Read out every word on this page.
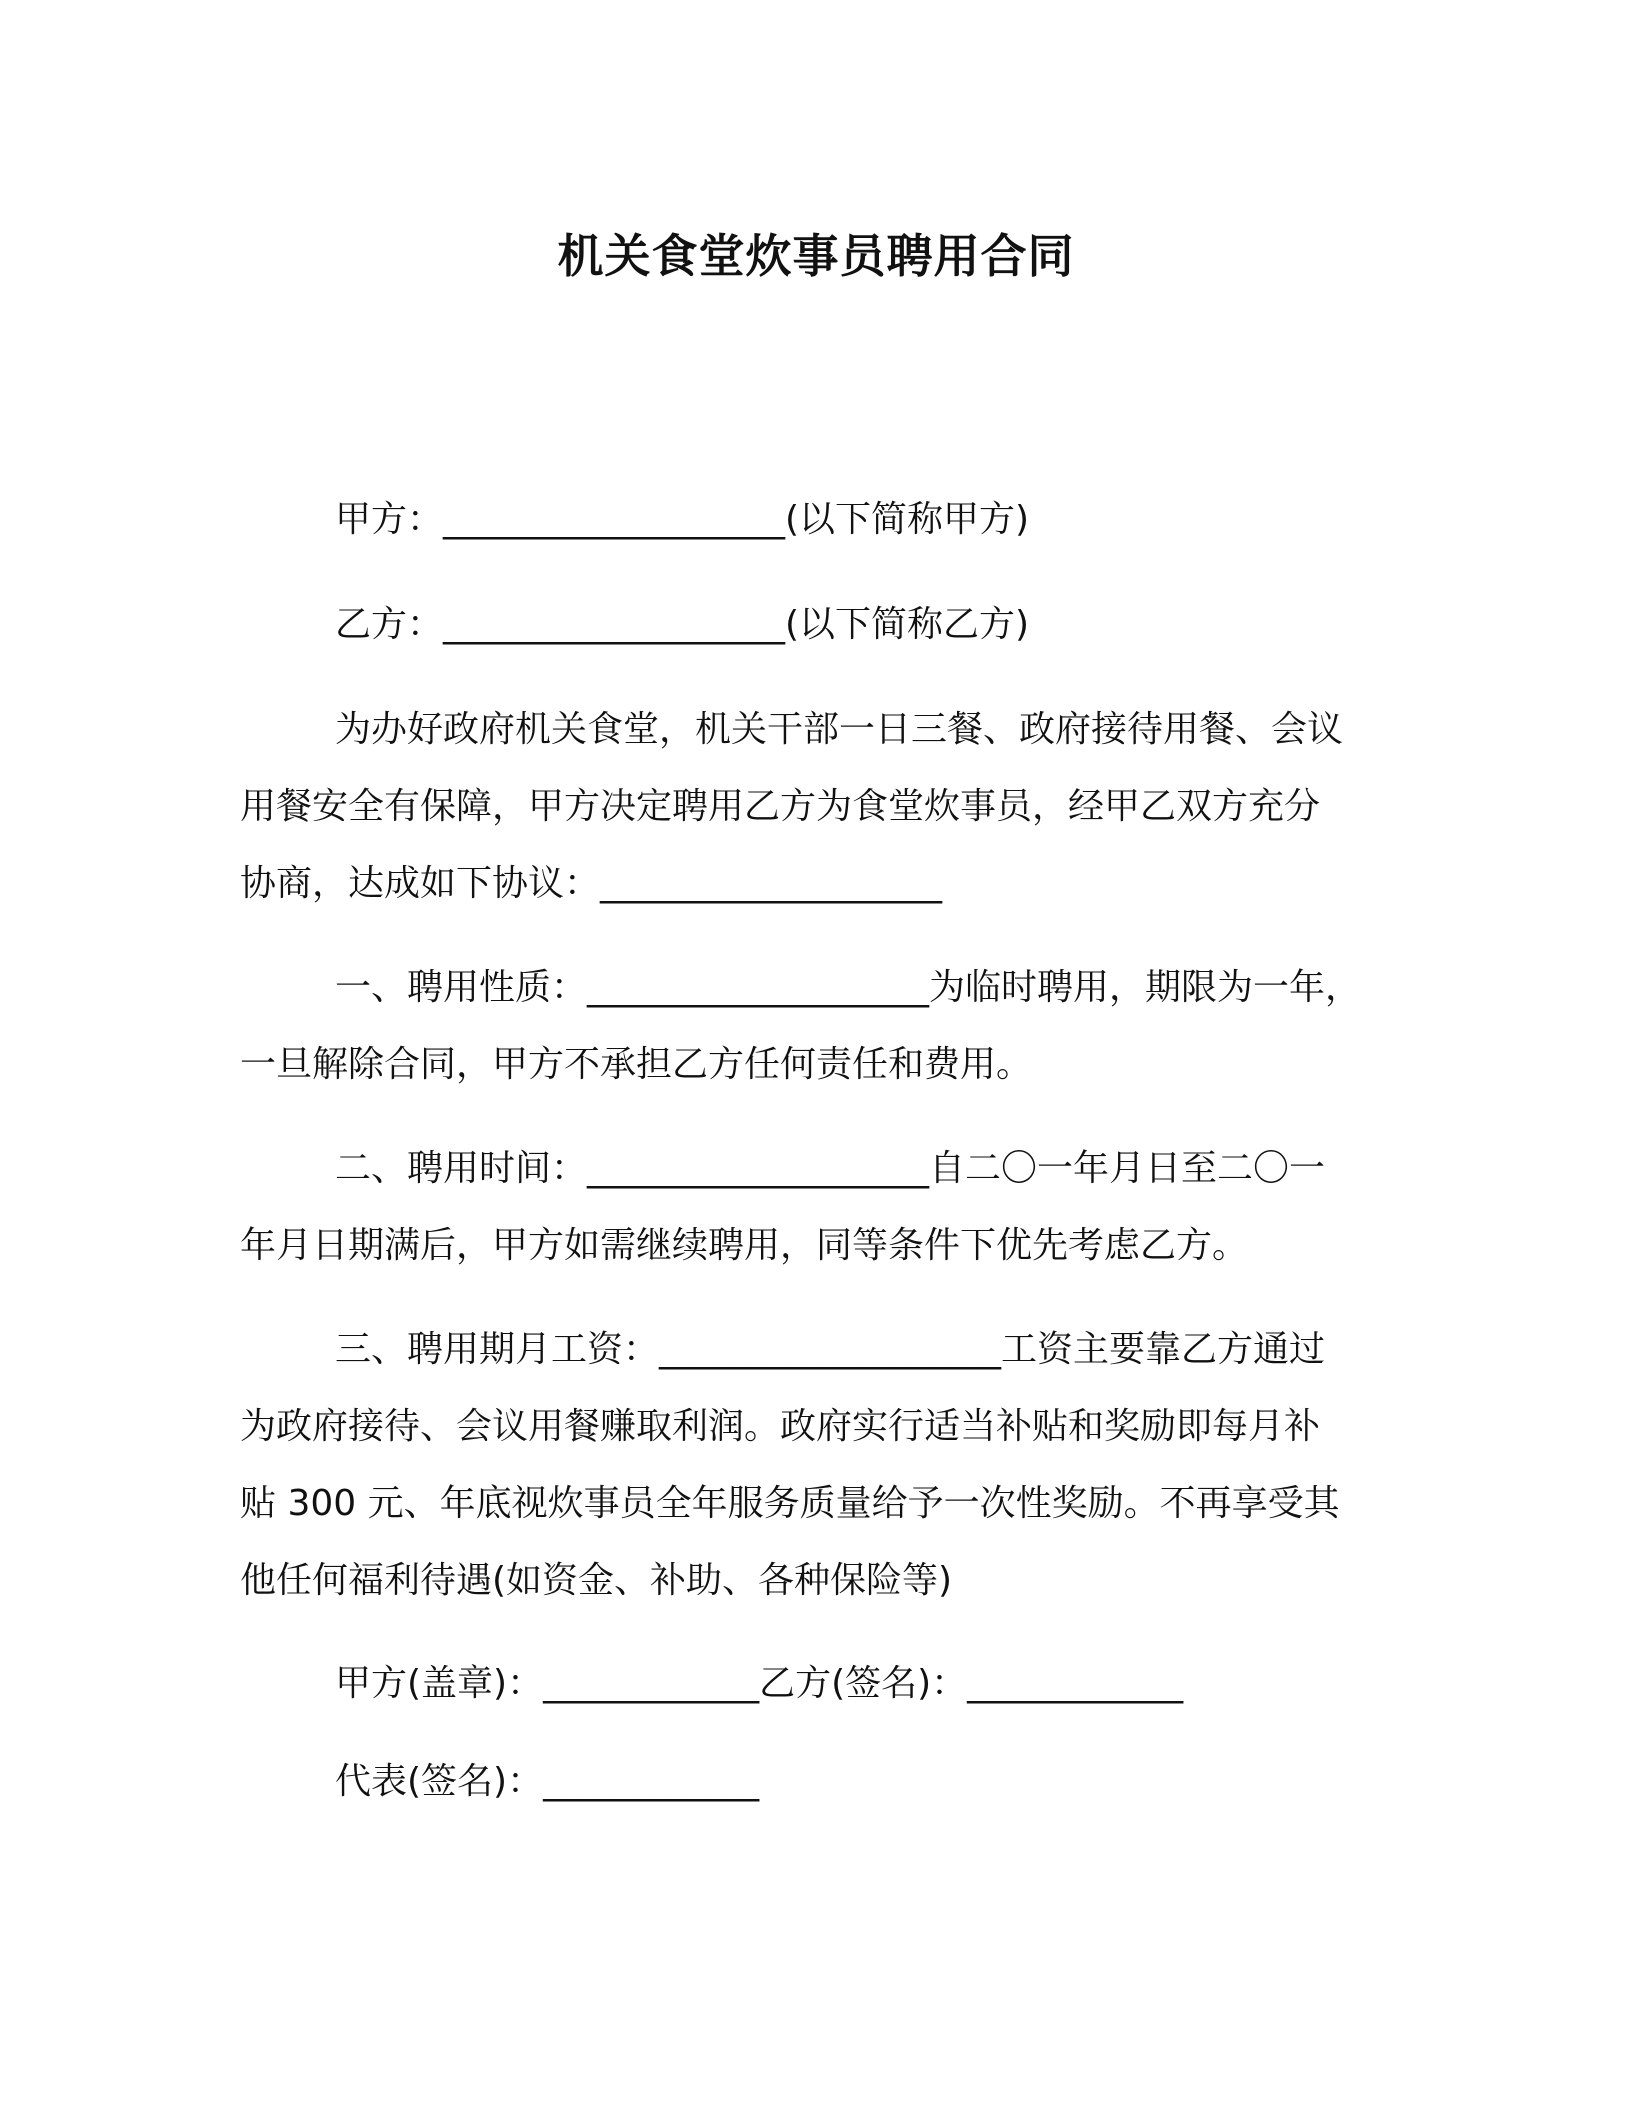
机关食堂炊事员聘用合同
甲方：___________________(以下简称甲方)
乙方：___________________(以下简称乙方)
为办好政府机关食堂，机关干部一日三餐、政府接待用餐、会议
用餐安全有保障，甲方决定聘用乙方为食堂炊事员，经甲乙双方充分
协商，达成如下协议：___________________
一、聘用性质：___________________为临时聘用，期限为一年，
一旦解除合同，甲方不承担乙方任何责任和费用。
二、聘用时间：___________________自二〇一年月日至二〇一
年月日期满后，甲方如需继续聘用，同等条件下优先考虑乙方。
三、聘用期月工资：___________________工资主要靠乙方通过
为政府接待、会议用餐赚取利润。政府实行适当补贴和奖励即每月补
贴 300 元、年底视炊事员全年服务质量给予一次性奖励。不再享受其
他任何福利待遇(如资金、补助、各种保险等)
甲方(盖章)：____________乙方(签名)：____________
代表(签名)：____________
